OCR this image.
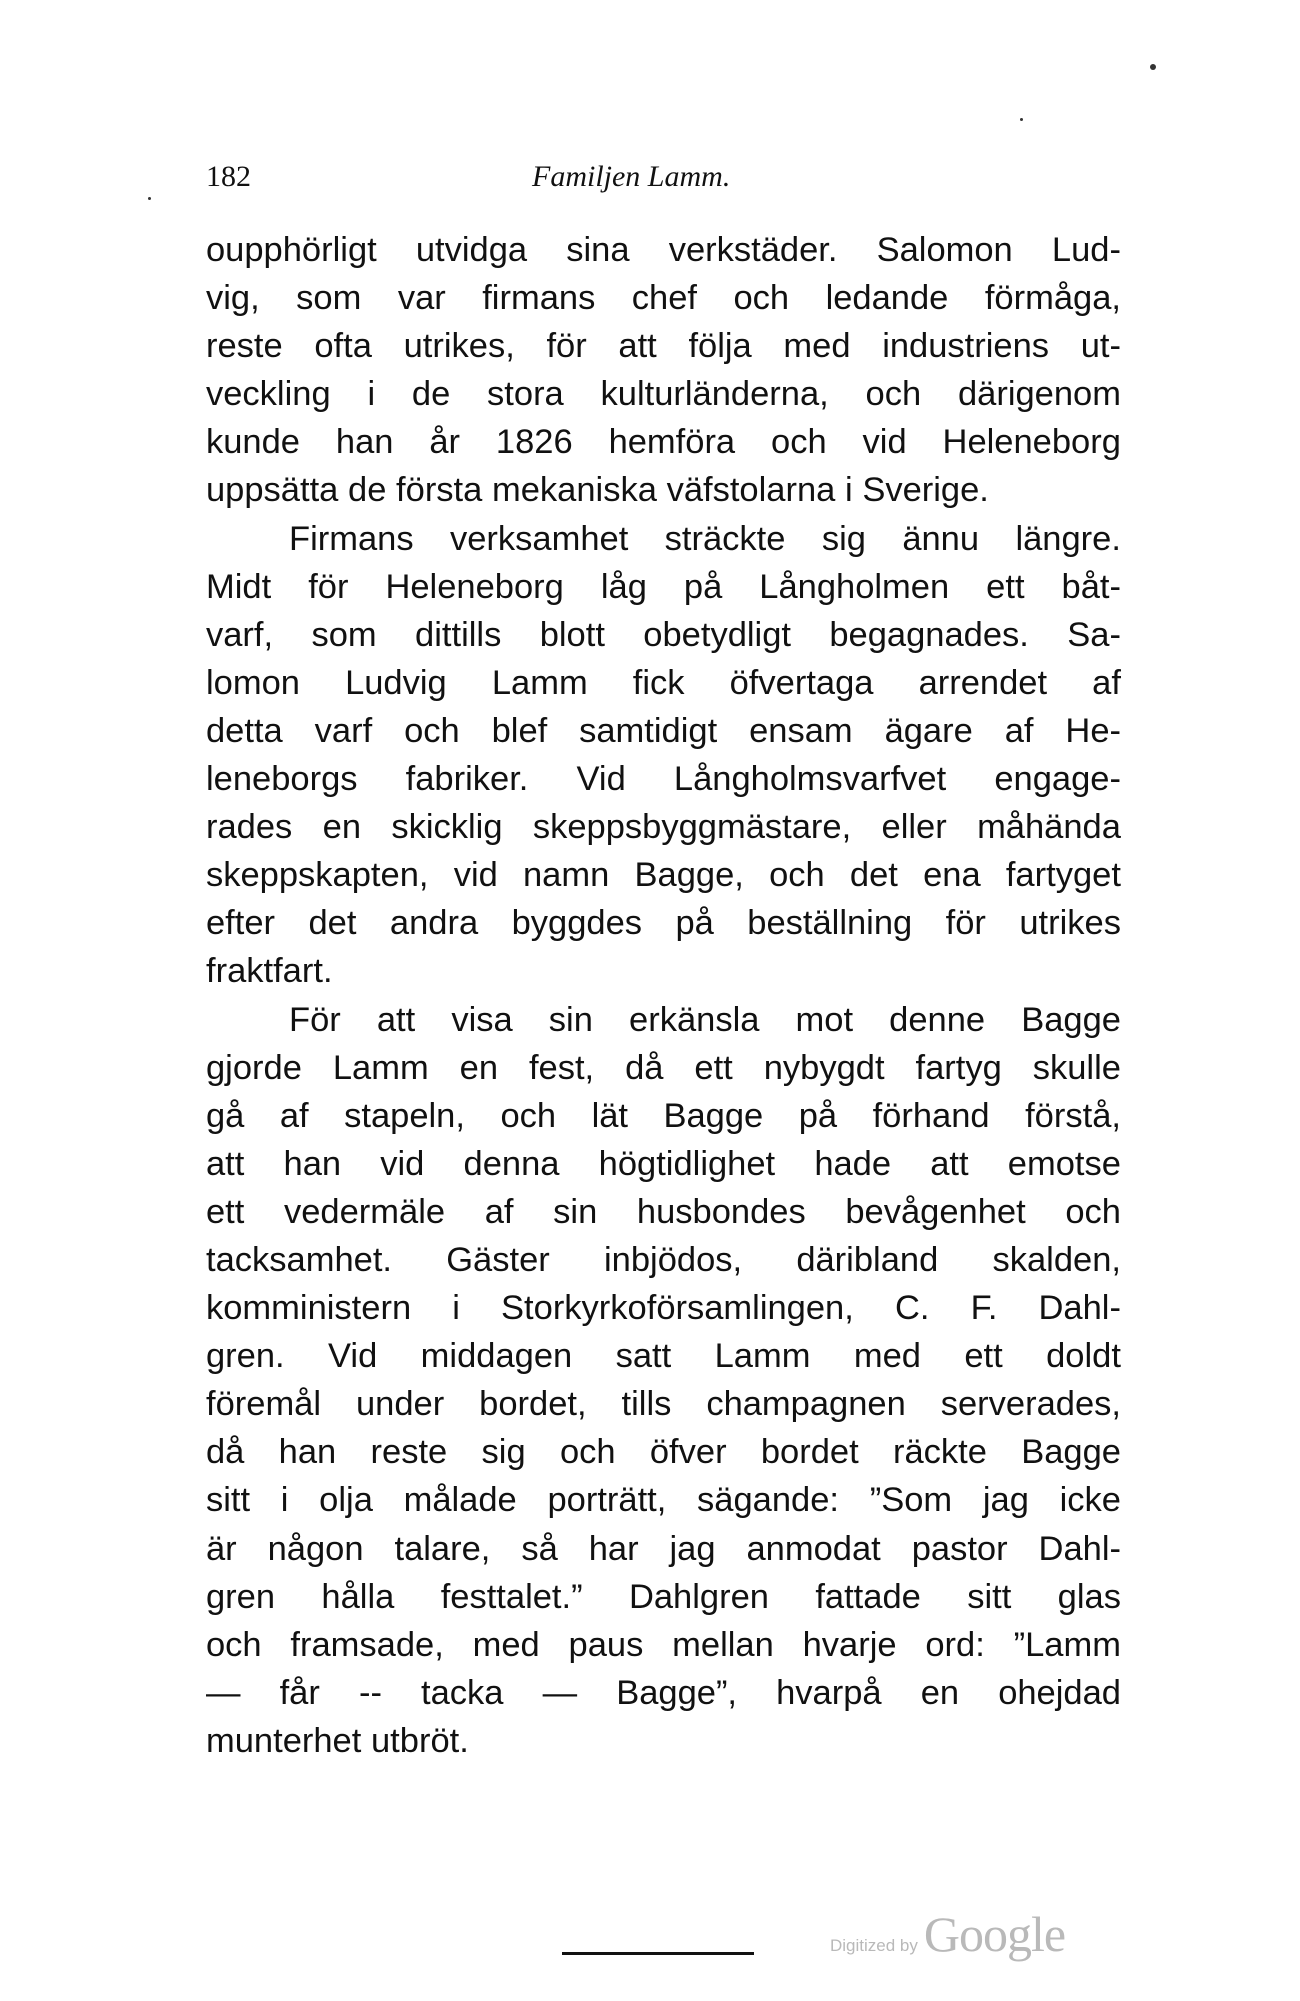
182	Familjen Lamm.
oupphörligt utvidga sina verkstäder. Salomon Lud-
vig, som var firmans chef och ledande förmåga,
reste ofta utrikes, för att följa med industriens ut-
veckling i de stora kulturländerna, och därigenom
kunde han år 1826 hemföra och vid Heleneborg
uppsätta de första mekaniska väfstolarna i Sverige.
Firmans verksamhet sträckte sig ännu längre.
Midt för Heleneborg låg på Långholmen ett båt-
varf, som dittills blott obetydligt begagnades. Sa-
lomon Ludvig Lamm fick öfvertaga arrendet af
detta varf och blef samtidigt ensam ägare af He-
leneborgs fabriker. Vid Långholmsvarfvet engage-
rades en skicklig skeppsbyggmästare, eller måhända
skeppskapten, vid namn Bagge, och det ena fartyget
efter det andra byggdes på beställning för utrikes
fraktfart.
För att visa sin erkänsla mot denne Bagge
gjorde Lamm en fest, då ett nybygdt fartyg skulle
gå af stapeln, och lät Bagge på förhand förstå,
att han vid denna högtidlighet hade att emotse
ett vedermäle af sin husbondes bevågenhet och
tacksamhet. Gäster inbjödos, däribland skalden,
komministern i Storkyrkoförsamlingen, C. F. Dahl-
gren. Vid middagen satt Lamm med ett doldt
föremål under bordet, tills champagnen serverades,
då han reste sig och öfver bordet räckte Bagge
sitt i olja målade porträtt, sägande: ”Som jag icke
är någon talare, så har jag anmodat pastor Dahl-
gren hålla festtalet.” Dahlgren fattade sitt glas
och framsade, med paus mellan hvarje ord: ”Lamm
— får -- tacka — Bagge”, hvarpå en ohejdad
munterhet utbröt.
Digitized by Google
